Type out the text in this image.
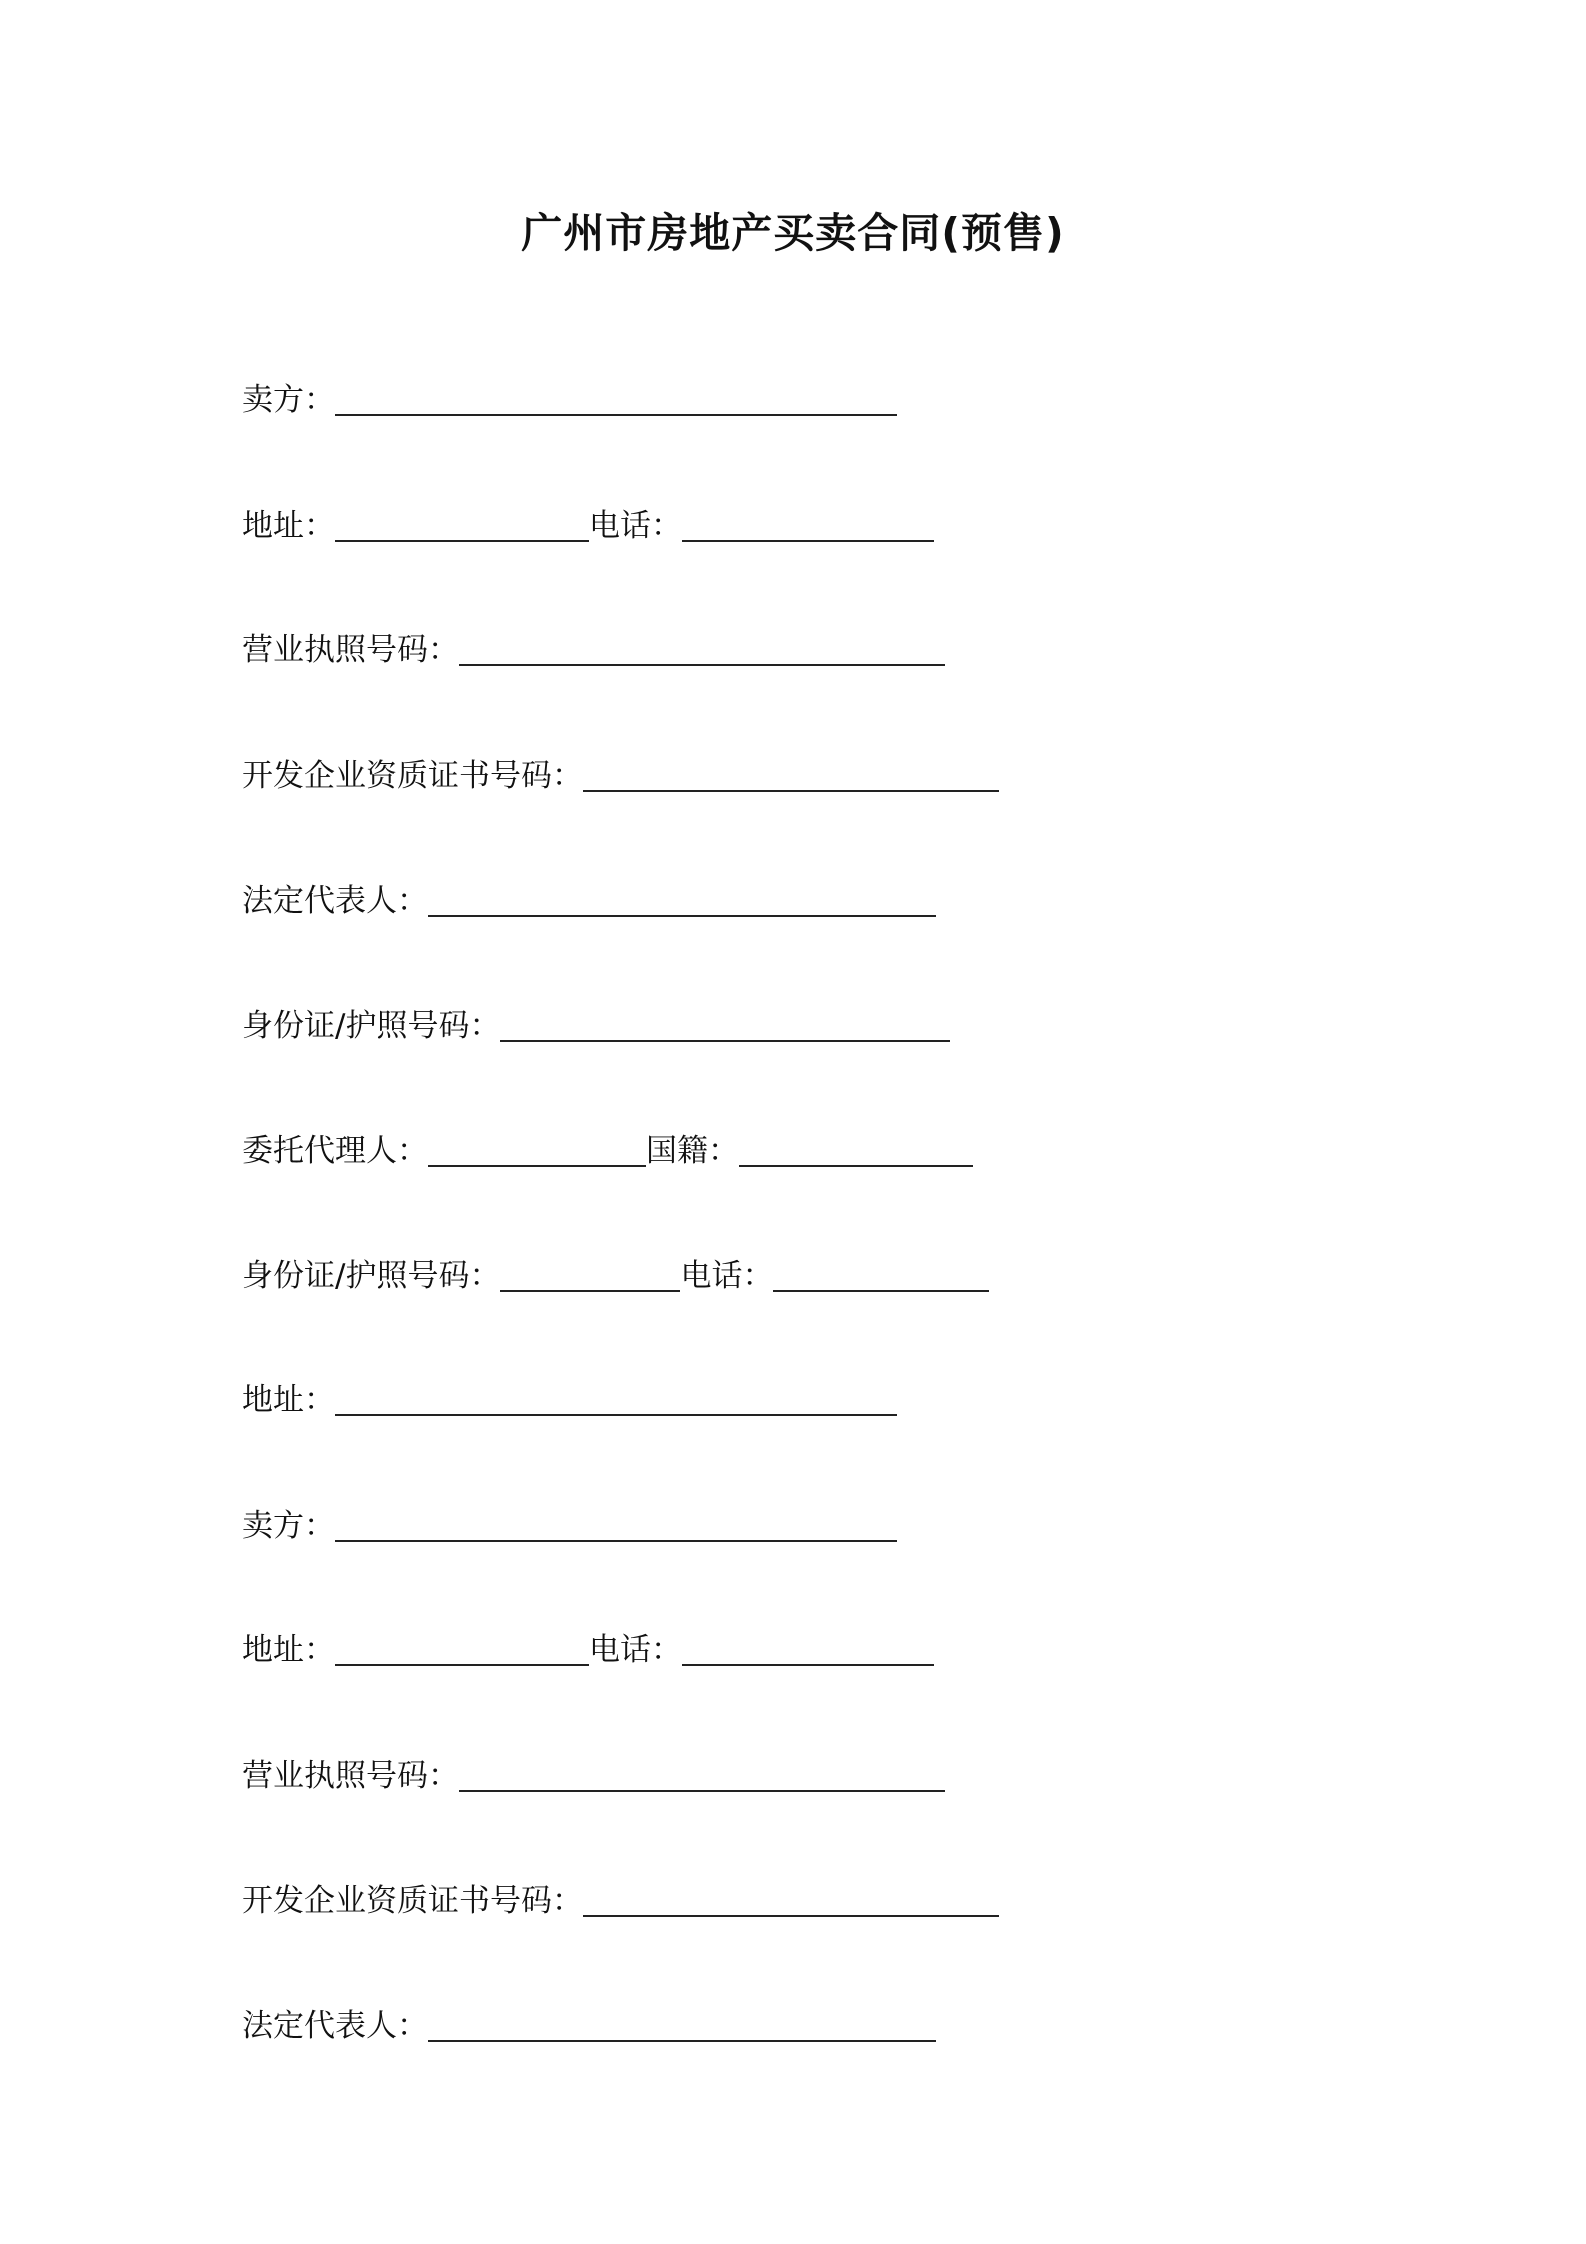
广州市房地产买卖合同(预售)
卖方：
地址：	电话：
营业执照号码：
开发企业资质证书号码：
法定代表人：
身份证/护照号码：
委托代理人：	国籍：
身份证/护照号码：	电话：
地址：
卖方：
地址：	电话：
营业执照号码：
开发企业资质证书号码：
法定代表人：
